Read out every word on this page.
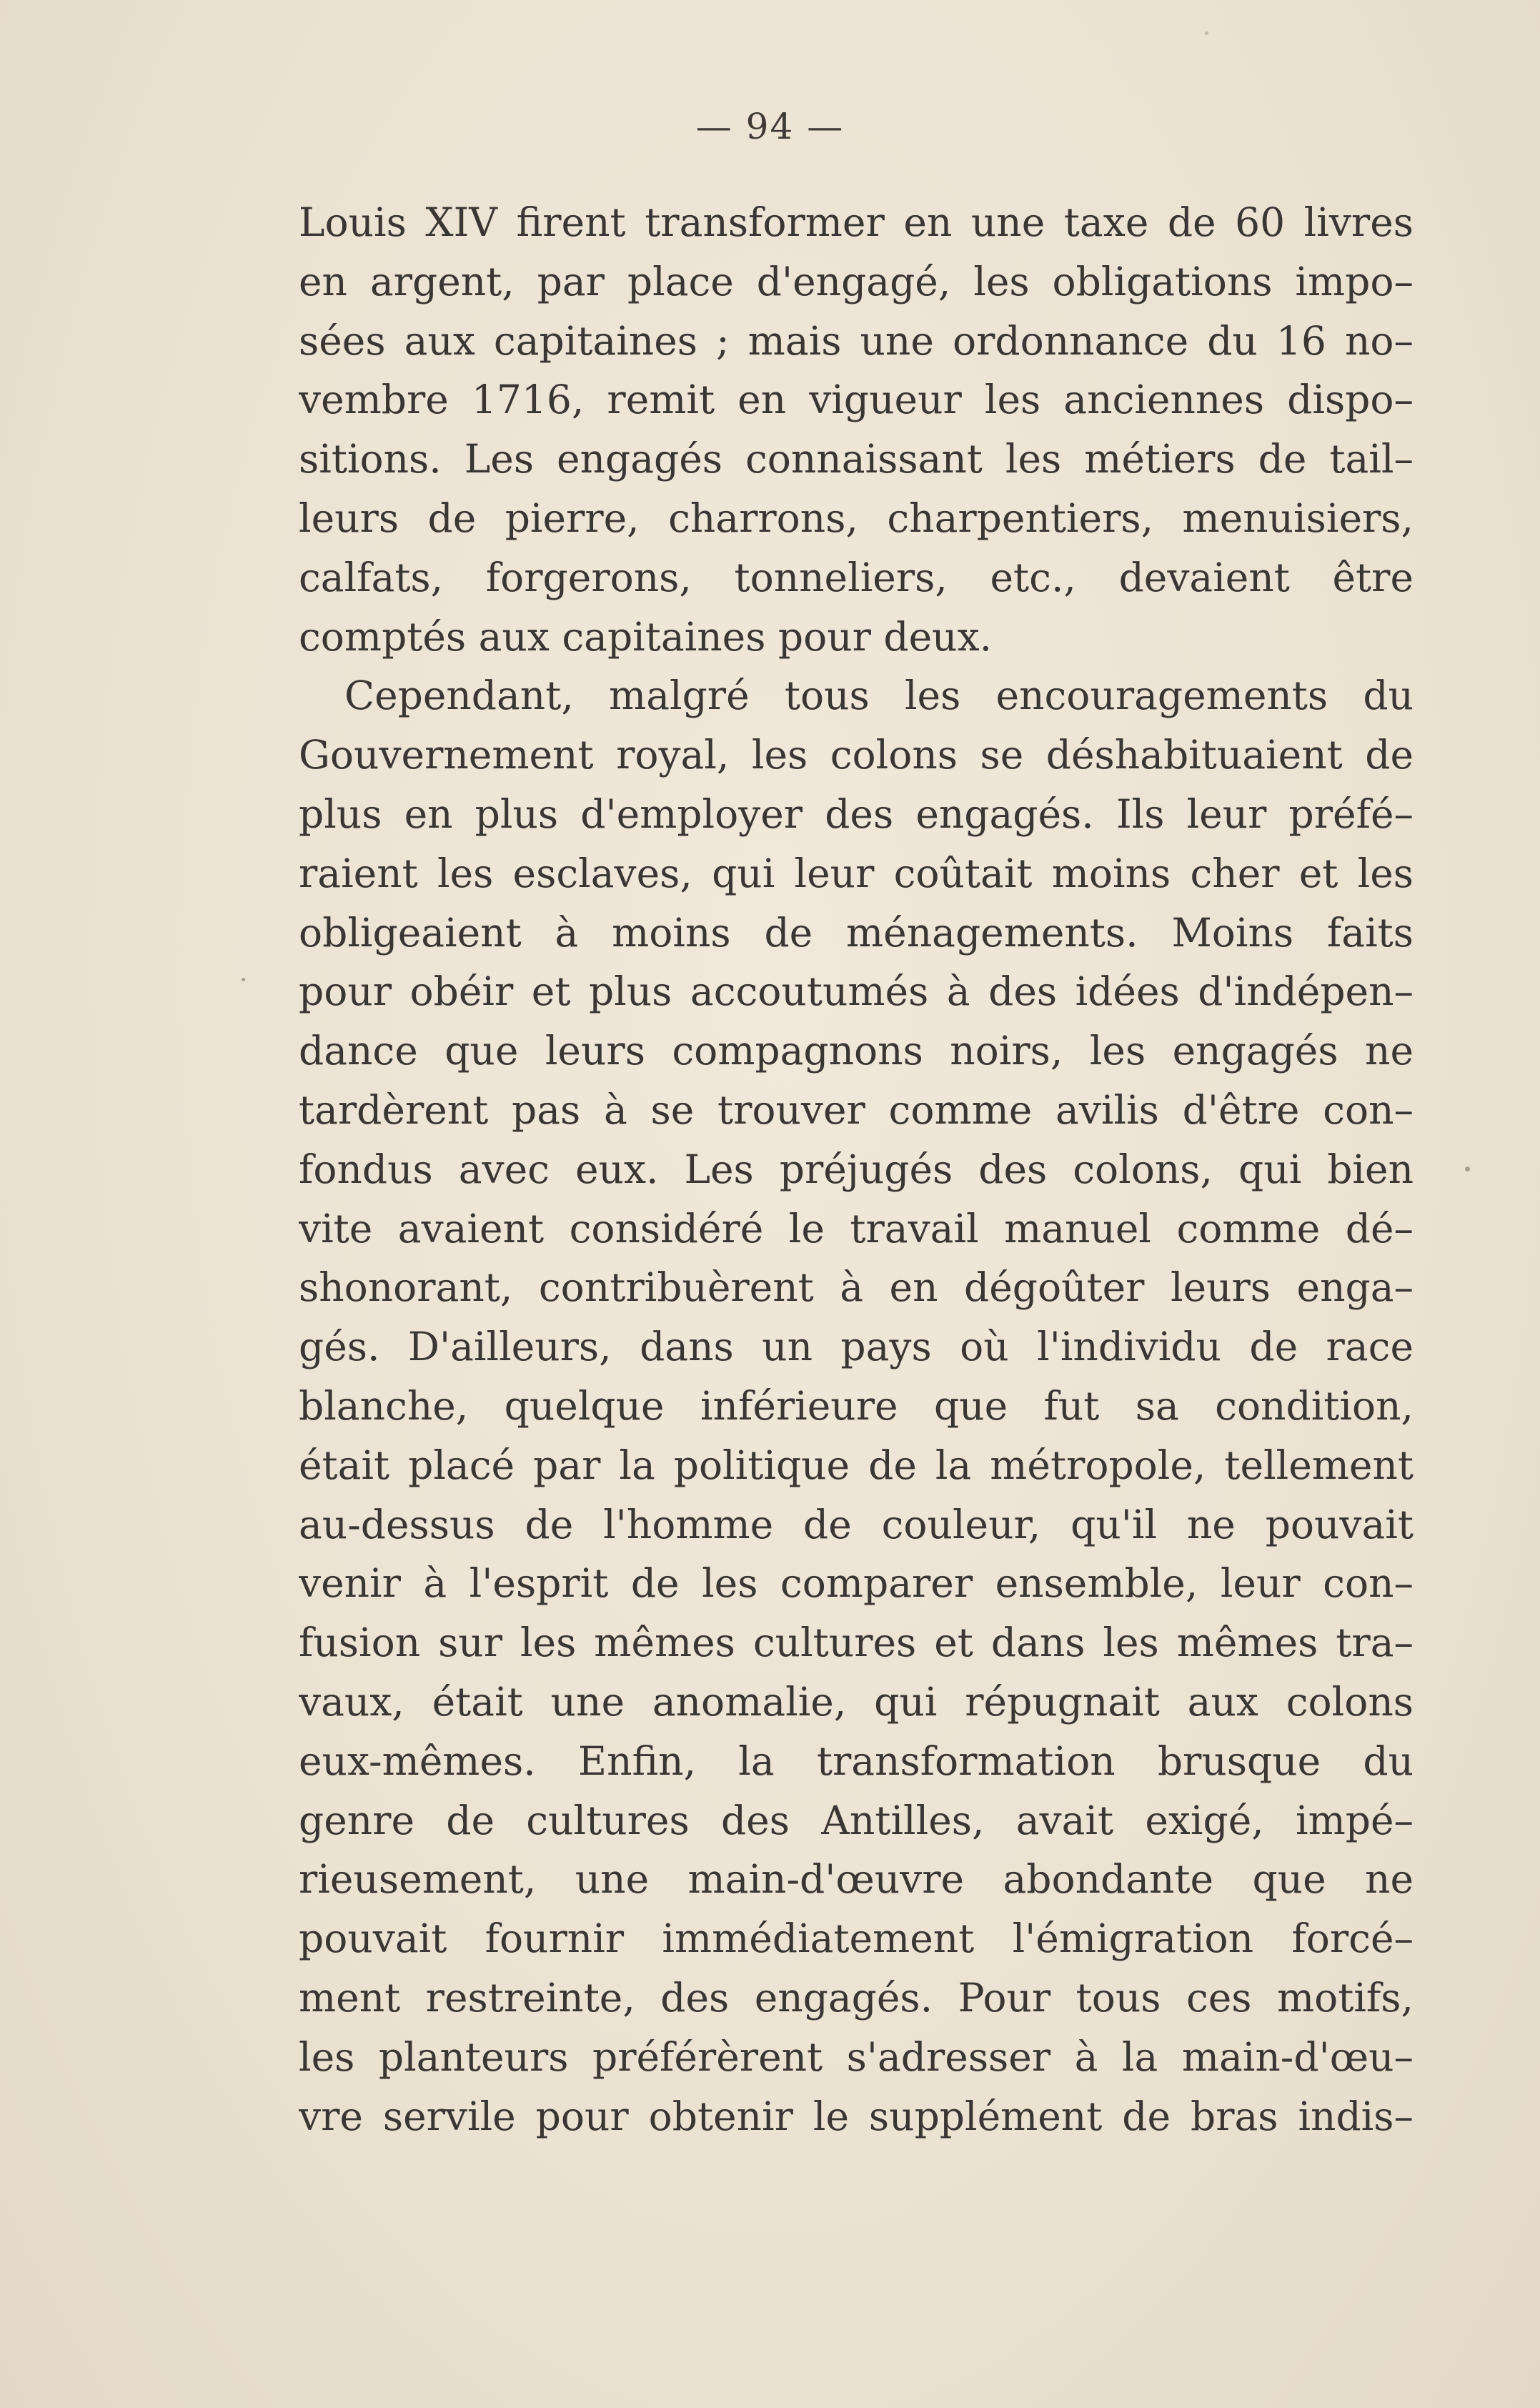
— 94 —
Louis XIV firent transformer en une taxe de 60 livres
en argent, par place d'engagé, les obligations impo–
sées aux capitaines ; mais une ordonnance du 16 no–
vembre 1716, remit en vigueur les anciennes dispo–
sitions. Les engagés connaissant les métiers de tail–
leurs de pierre, charrons, charpentiers, menuisiers,
calfats, forgerons, tonneliers, etc., devaient être
comptés aux capitaines pour deux.
Cependant, malgré tous les encouragements du
Gouvernement royal, les colons se déshabituaient de
plus en plus d'employer des engagés. Ils leur préfé–
raient les esclaves, qui leur coûtait moins cher et les
obligeaient à moins de ménagements. Moins faits
pour obéir et plus accoutumés à des idées d'indépen–
dance que leurs compagnons noirs, les engagés ne
tardèrent pas à se trouver comme avilis d'être con–
fondus avec eux. Les préjugés des colons, qui bien
vite avaient considéré le travail manuel comme dé–
shonorant, contribuèrent à en dégoûter leurs enga–
gés. D'ailleurs, dans un pays où l'individu de race
blanche, quelque inférieure que fut sa condition,
était placé par la politique de la métropole, tellement
au-dessus de l'homme de couleur, qu'il ne pouvait
venir à l'esprit de les comparer ensemble, leur con–
fusion sur les mêmes cultures et dans les mêmes tra–
vaux, était une anomalie, qui répugnait aux colons
eux-mêmes. Enfin, la transformation brusque du
genre de cultures des Antilles, avait exigé, impé–
rieusement, une main-d'œuvre abondante que ne
pouvait fournir immédiatement l'émigration forcé–
ment restreinte, des engagés. Pour tous ces motifs,
les planteurs préférèrent s'adresser à la main-d'œu–
vre servile pour obtenir le supplément de bras indis–
